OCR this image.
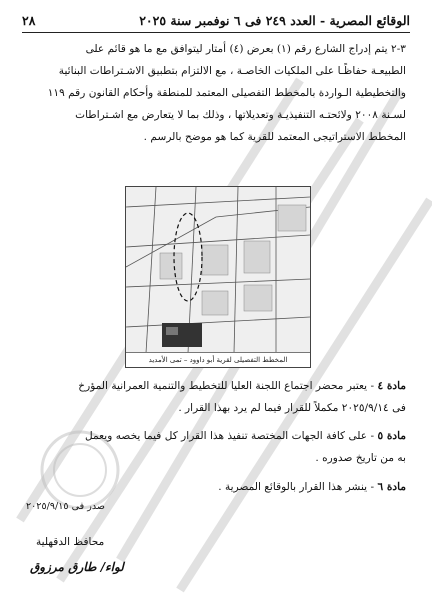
الوقائع المصرية - العدد ٢٤٩ فى ٦ نوفمبر سنة ٢٠٢٥
٢٨

٣-٢ يتم إدراج الشارع رقم (١) بعرض (٤) أمتار ليتوافق مع ما هو قائم على

الطبيعـة حفاظًـا على الملكيات الخاصـة ، مع الالتزام بتطبيق الاشـتراطات البنائية

والتخطيطية الـواردة بالمخطط التفصيلى المعتمد للمنطقة وأحكام القانون رقم ١١٩

لسـنة ٢٠٠٨ ولائحتـه التنفيذيـة وتعديلاتها ، وذلك بما لا يتعارض مع اشـتراطات

المخطط الاستراتيجى المعتمد للقرية كما هو موضح بالرسم .

المخطط التفصيلى لقرية أبو داوود – تمى الأمديد

مادة ٤ - يعتبر محضر اجتماع اللجنة العليا للتخطيط والتنمية العمرانية المؤرخ

فى ٢٠٢٥/٩/١٤ مكملاً للقرار فيما لم يرد بهذا القرار .

مادة ٥ - على كافة الجهات المختصة تنفيذ هذا القرار كل فيما يخصه ويعمل

به من تاريخ صدوره .

مادة ٦ - ينشر هذا القرار بالوقائع المصرية .

صدر فى ٢٠٢٥/٩/١٥

محافظ الدقهلية
لواء/ طارق مرزوق
